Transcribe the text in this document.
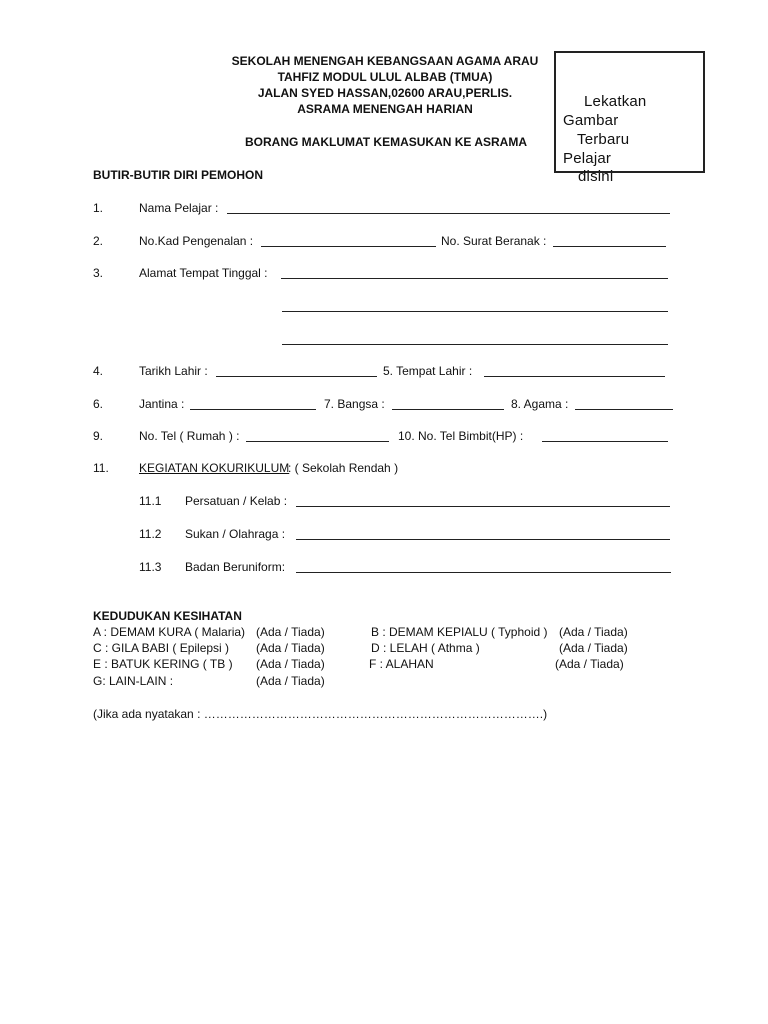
SEKOLAH MENENGAH KEBANGSAAN AGAMA ARAU
TAHFIZ MODUL ULUL ALBAB (TMUA)
JALAN SYED HASSAN,02600 ARAU,PERLIS.
ASRAMA MENENGAH HARIAN
BORANG MAKLUMAT KEMASUKAN KE ASRAMA
Lekatkan
Gambar
Terbaru
Pelajar
disini
BUTIR-BUTIR DIRI PEMOHON
1.	Nama Pelajar :
2.	No.Kad Pengenalan :	No. Surat Beranak :
3.	Alamat Tempat Tinggal :
4.	Tarikh Lahir :	5. Tempat Lahir :
6.	Jantina :	7. Bangsa :	8. Agama :
9.	No. Tel ( Rumah ) :	10. No. Tel Bimbit(HP) :
11.	KEGIATAN KOKURIKULUM
: ( Sekolah Rendah )
11.1 Persatuan / Kelab :
11.2 Sukan / Olahraga :
11.3 Badan Beruniform:
KEDUDUKAN KESIHATAN
A : DEMAM KURA ( Malaria) (Ada / Tiada)	B : DEMAM KEPIALU ( Typhoid ) (Ada / Tiada)
C : GILA BABI ( Epilepsi ) (Ada / Tiada)	D : LELAH ( Athma )	(Ada / Tiada)
E : BATUK KERING ( TB ) (Ada / Tiada)	F : ALAHAN	(Ada / Tiada)
G: LAIN-LAIN :	(Ada / Tiada)
(Jika ada nyatakan : ………………………………………………………………………….)
